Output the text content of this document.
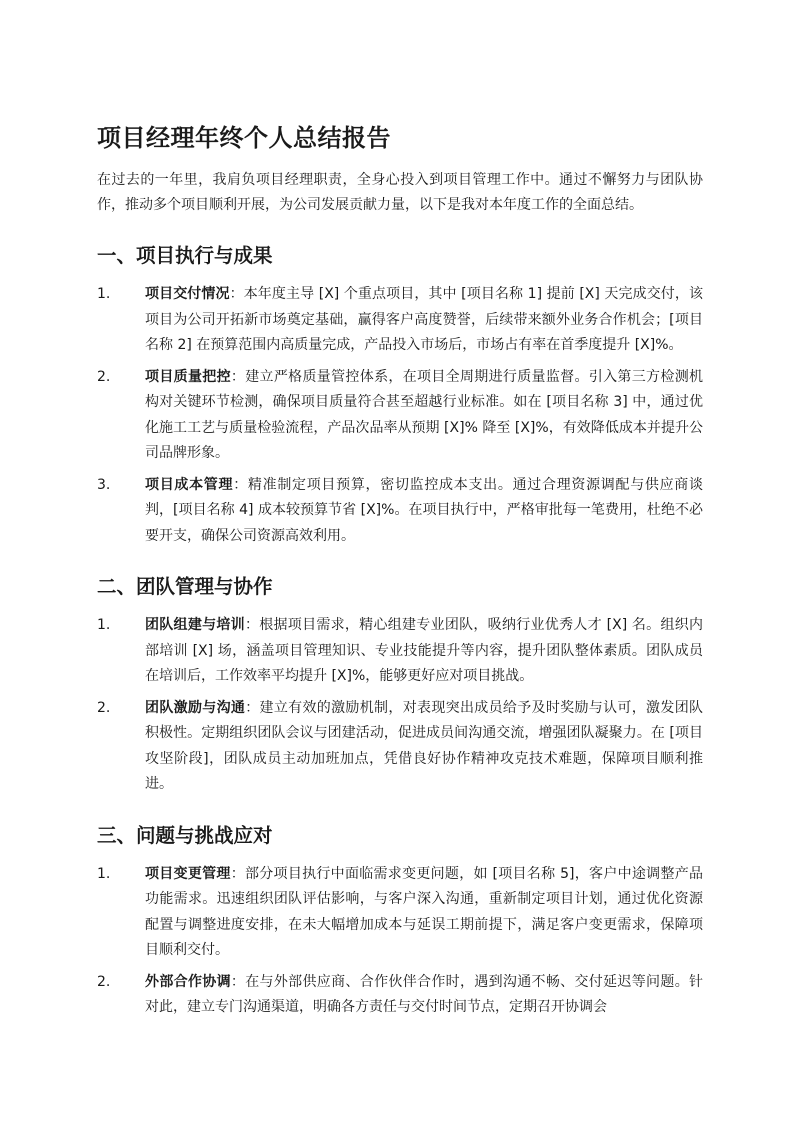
项目经理年终个人总结报告

在过去的一年里，我肩负项目经理职责，全身心投入到项目管理工作中。通过不懈努力与团队协作，推动多个项目顺利开展，为公司发展贡献力量，以下是我对本年度工作的全面总结。

一、项目执行与成果
1.	项目交付情况：本年度主导 [X] 个重点项目，其中 [项目名称 1] 提前 [X] 天完成交付，该项目为公司开拓新市场奠定基础，赢得客户高度赞誉，后续带来额外业务合作机会；[项目名称 2] 在预算范围内高质量完成，产品投入市场后，市场占有率在首季度提升 [X]%。
2.	项目质量把控：建立严格质量管控体系，在项目全周期进行质量监督。引入第三方检测机构对关键环节检测，确保项目质量符合甚至超越行业标准。如在 [项目名称 3] 中，通过优化施工工艺与质量检验流程，产品次品率从预期 [X]% 降至 [X]%，有效降低成本并提升公司品牌形象。
3.	项目成本管理：精准制定项目预算，密切监控成本支出。通过合理资源调配与供应商谈判，[项目名称 4] 成本较预算节省 [X]%。在项目执行中，严格审批每一笔费用，杜绝不必要开支，确保公司资源高效利用。
二、团队管理与协作
1.	团队组建与培训：根据项目需求，精心组建专业团队，吸纳行业优秀人才 [X] 名。组织内部培训 [X] 场，涵盖项目管理知识、专业技能提升等内容，提升团队整体素质。团队成员在培训后，工作效率平均提升 [X]%，能够更好应对项目挑战。
2.	团队激励与沟通：建立有效的激励机制，对表现突出成员给予及时奖励与认可，激发团队积极性。定期组织团队会议与团建活动，促进成员间沟通交流，增强团队凝聚力。在 [项目攻坚阶段]，团队成员主动加班加点，凭借良好协作精神攻克技术难题，保障项目顺利推进。
三、问题与挑战应对
1.	项目变更管理：部分项目执行中面临需求变更问题，如 [项目名称 5]，客户中途调整产品功能需求。迅速组织团队评估影响，与客户深入沟通，重新制定项目计划，通过优化资源配置与调整进度安排，在未大幅增加成本与延误工期前提下，满足客户变更需求，保障项目顺利交付。
2.	外部合作协调：在与外部供应商、合作伙伴合作时，遇到沟通不畅、交付延迟等问题。针对此，建立专门沟通渠道，明确各方责任与交付时间节点，定期召开协调会
